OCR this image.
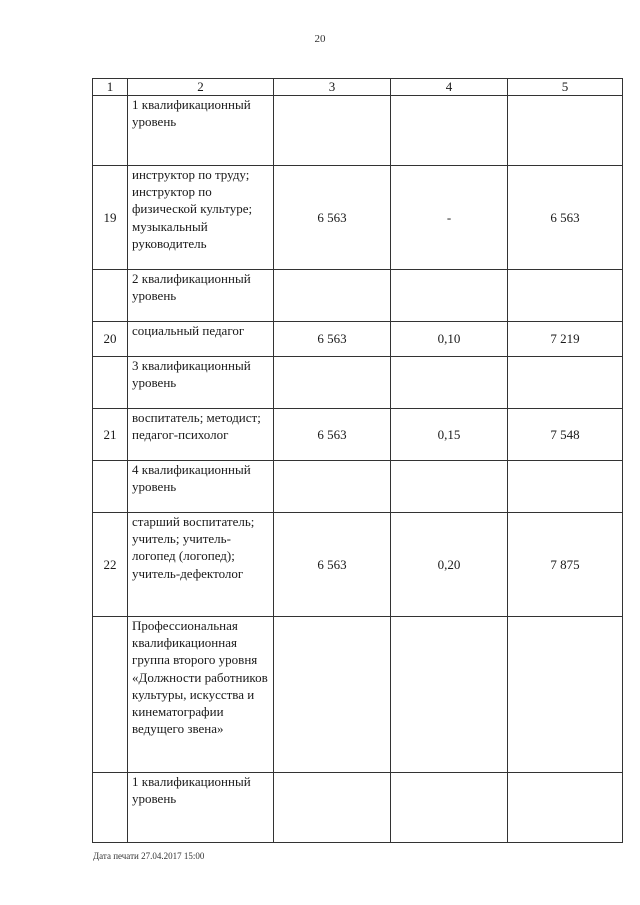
20
1	2	3	4	5
	1 квалификационный уровень			
19	инструктор по труду; инструктор по физической культуре; музыкальный руководитель	6 563	-	6 563
	2 квалификационный уровень			
20	социальный педагог	6 563	0,10	7 219
	3 квалификационный уровень			
21	воспитатель; методист; педагог-психолог	6 563	0,15	7 548
	4 квалификационный уровень			
22	старший воспитатель; учитель; учитель-логопед (логопед); учитель-дефектолог	6 563	0,20	7 875
	Профессиональная квалификационная группа второго уровня «Должности работников культуры, искусства и кинематографии ведущего звена»			
	1 квалификационный уровень			
Дата печати 27.04.2017 15:00
